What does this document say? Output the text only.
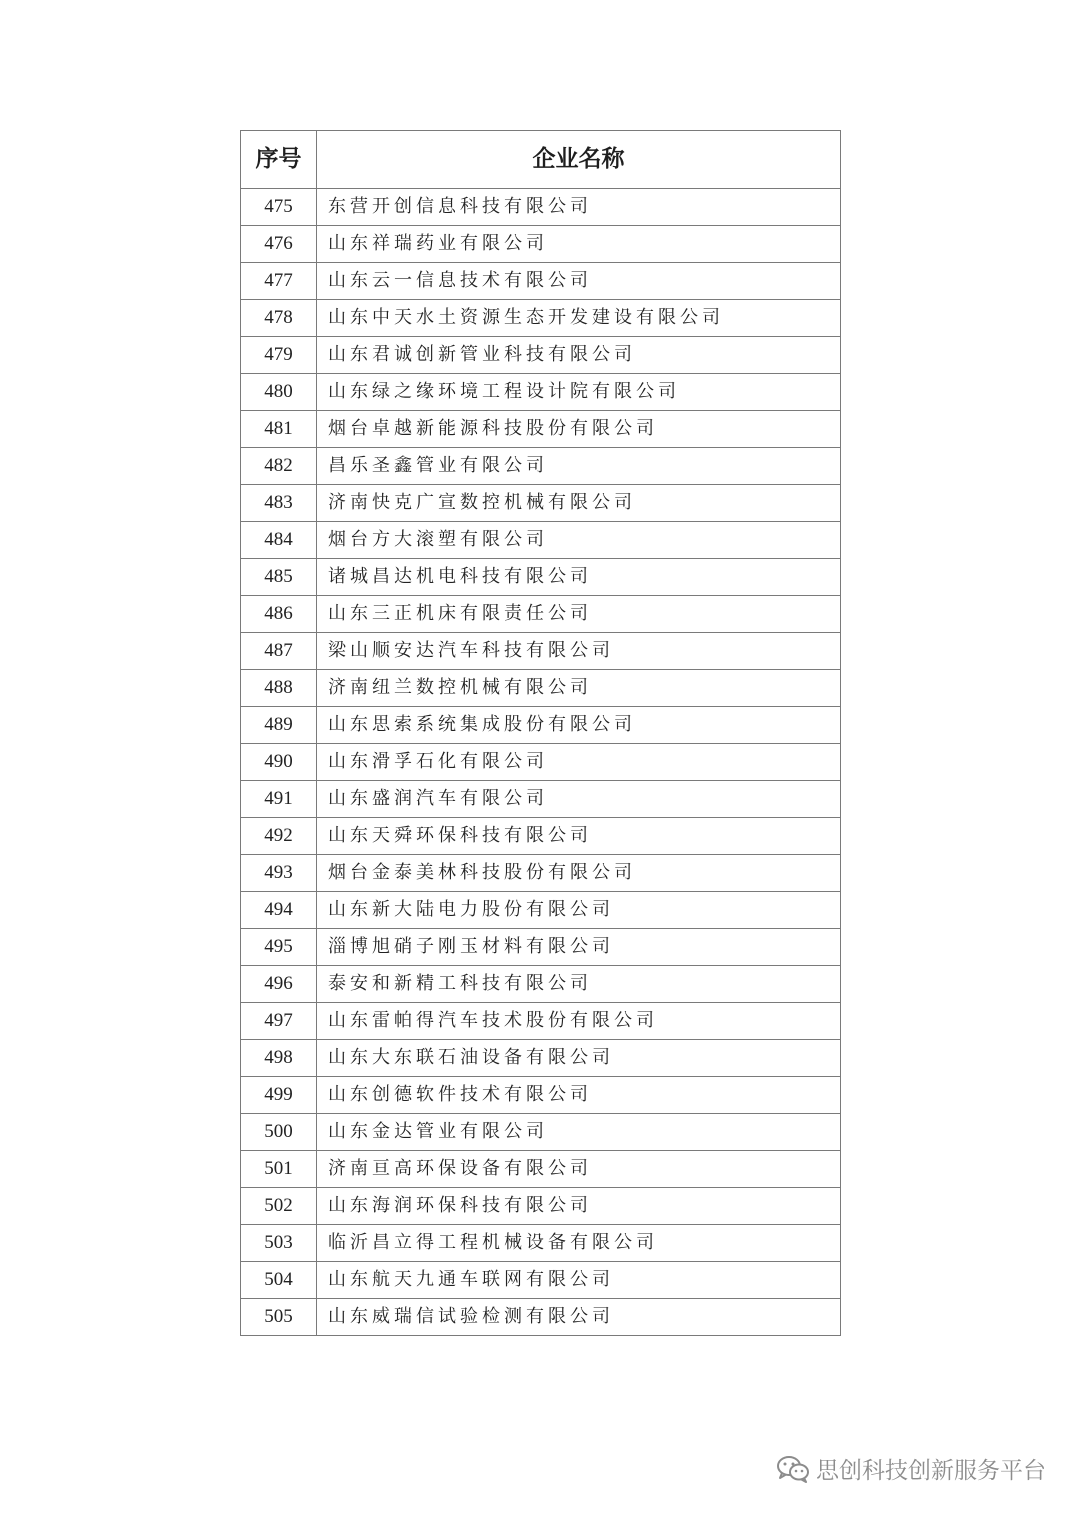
序号	企业名称
475	东营开创信息科技有限公司
476	山东祥瑞药业有限公司
477	山东云一信息技术有限公司
478	山东中天水土资源生态开发建设有限公司
479	山东君诚创新管业科技有限公司
480	山东绿之缘环境工程设计院有限公司
481	烟台卓越新能源科技股份有限公司
482	昌乐圣鑫管业有限公司
483	济南快克广宣数控机械有限公司
484	烟台方大滚塑有限公司
485	诸城昌达机电科技有限公司
486	山东三正机床有限责任公司
487	梁山顺安达汽车科技有限公司
488	济南纽兰数控机械有限公司
489	山东思索系统集成股份有限公司
490	山东滑孚石化有限公司
491	山东盛润汽车有限公司
492	山东天舜环保科技有限公司
493	烟台金泰美林科技股份有限公司
494	山东新大陆电力股份有限公司
495	淄博旭硝子刚玉材料有限公司
496	泰安和新精工科技有限公司
497	山东雷帕得汽车技术股份有限公司
498	山东大东联石油设备有限公司
499	山东创德软件技术有限公司
500	山东金达管业有限公司
501	济南亘高环保设备有限公司
502	山东海润环保科技有限公司
503	临沂昌立得工程机械设备有限公司
504	山东航天九通车联网有限公司
505	山东威瑞信试验检测有限公司
思创科技创新服务平台
